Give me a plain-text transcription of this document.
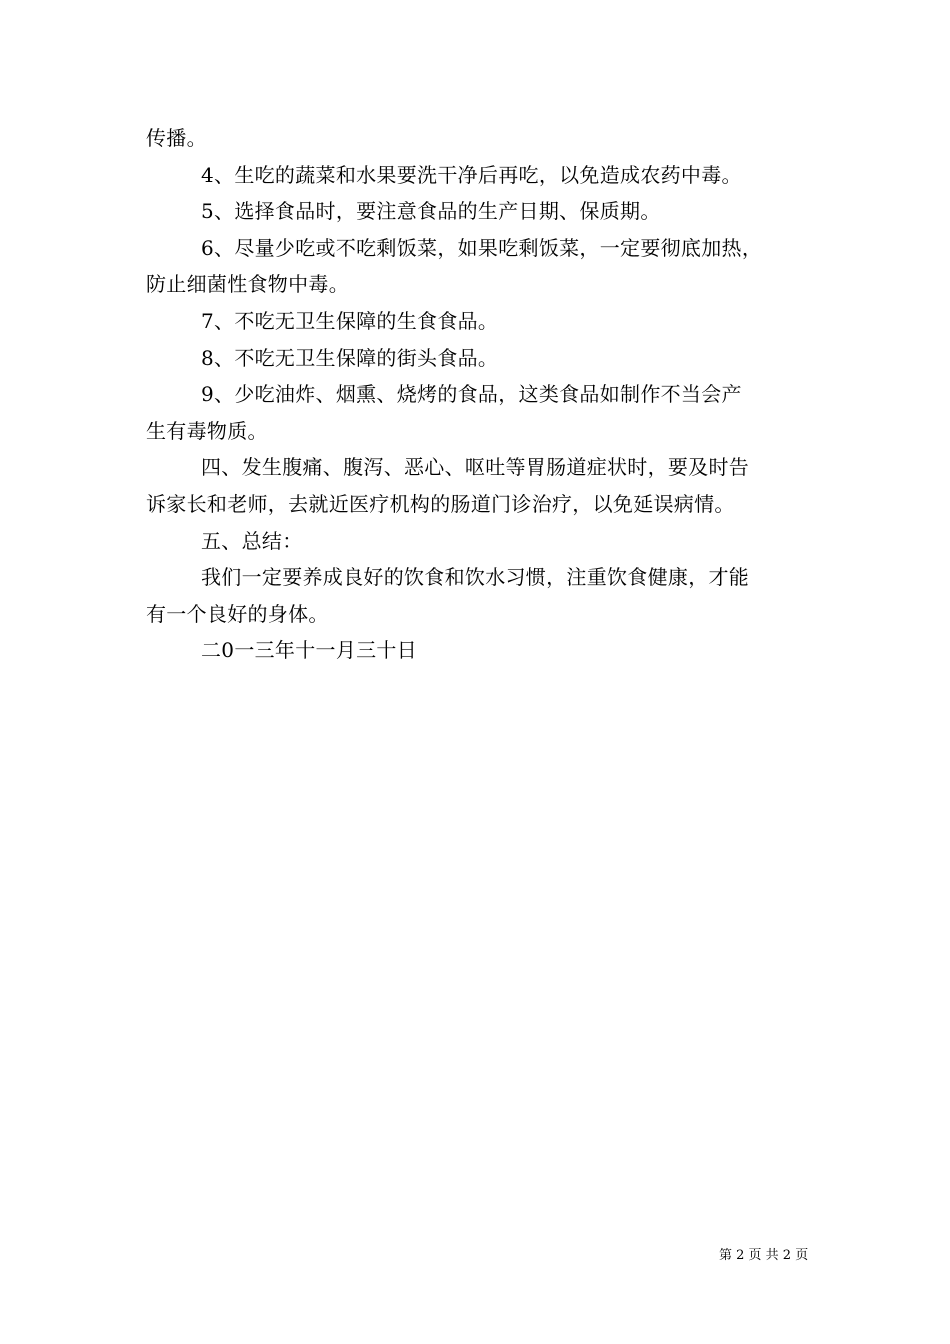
传播。
4、生吃的蔬菜和水果要洗干净后再吃，以免造成农药中毒。
5、选择食品时，要注意食品的生产日期、保质期。
6、尽量少吃或不吃剩饭菜，如果吃剩饭菜，一定要彻底加热，
防止细菌性食物中毒。
7、不吃无卫生保障的生食食品。
8、不吃无卫生保障的街头食品。
9、少吃油炸、烟熏、烧烤的食品，这类食品如制作不当会产
生有毒物质。
四、发生腹痛、腹泻、恶心、呕吐等胃肠道症状时，要及时告
诉家长和老师，去就近医疗机构的肠道门诊治疗，以免延误病情。
五、总结：
我们一定要养成良好的饮食和饮水习惯，注重饮食健康，才能
有一个良好的身体。
二0一三年十一月三十日
第 2 页 共 2 页
